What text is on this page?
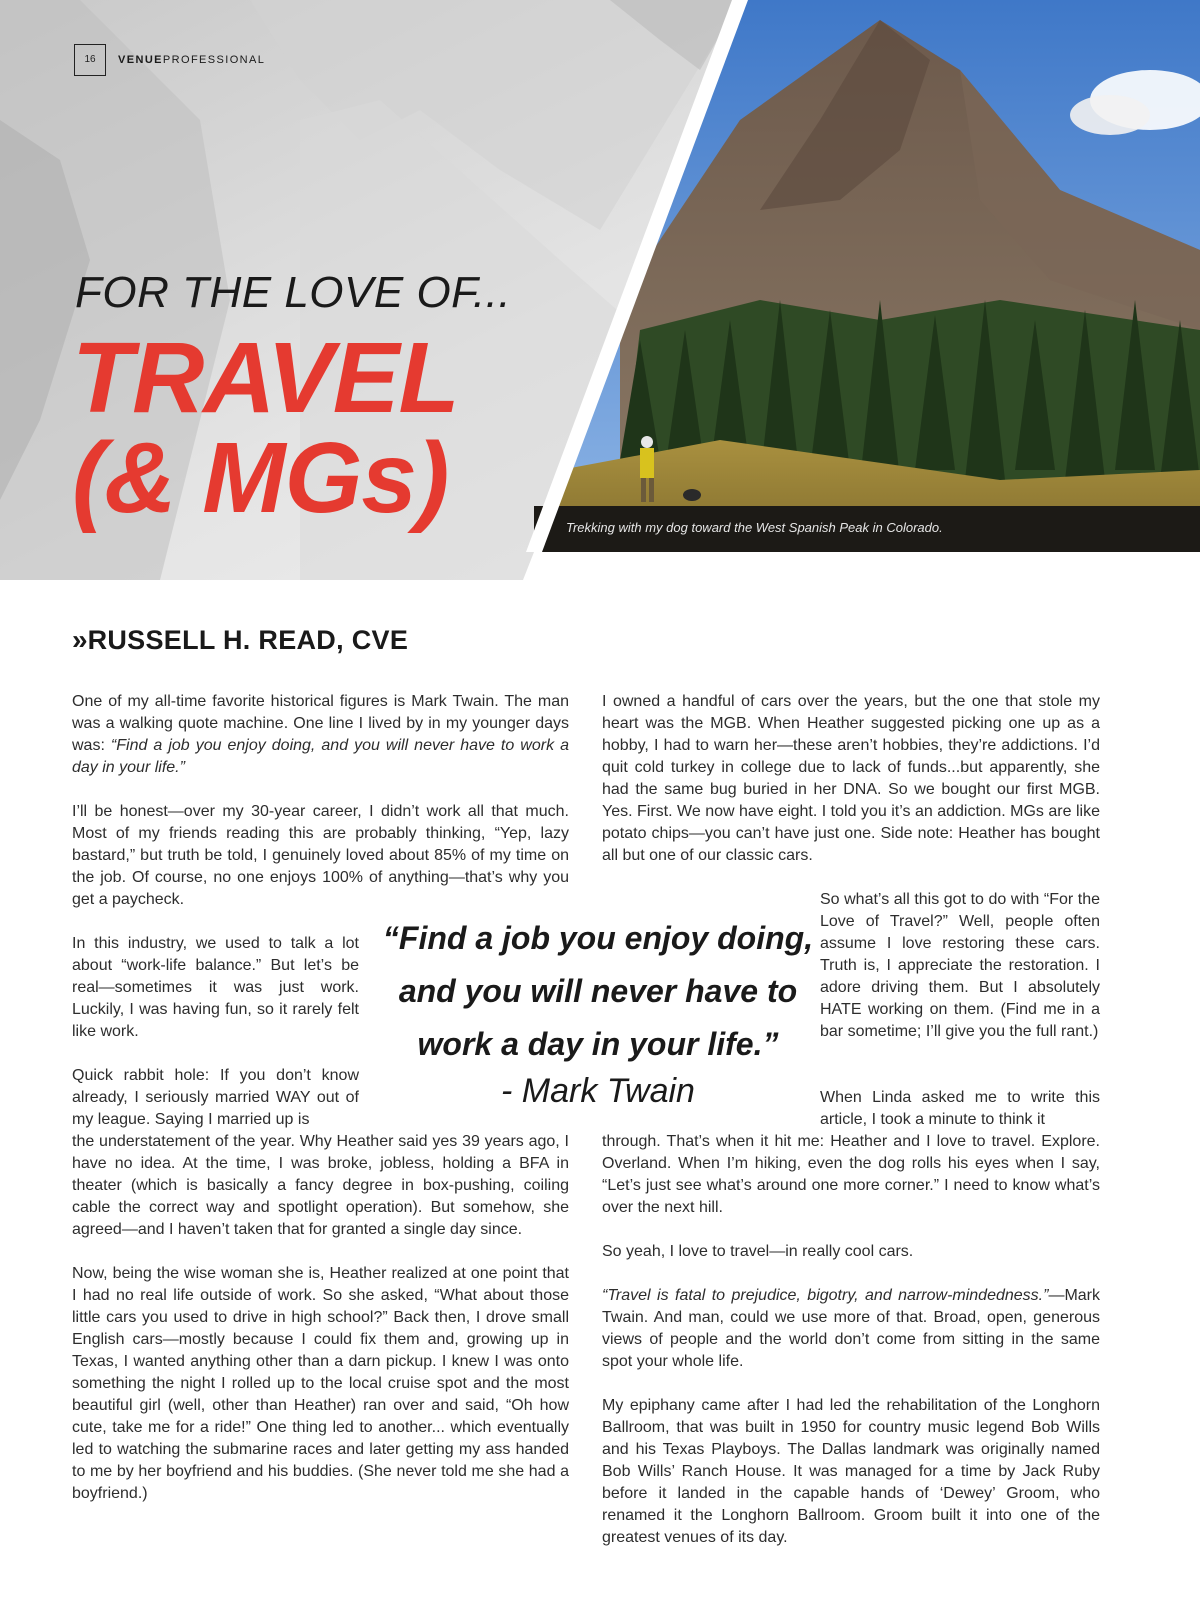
16	VENUEPROFESSIONAL
FOR THE LOVE OF...
TRAVEL
(& MGs)	Trekking with my dog toward the West Spanish Peak in Colorado.
» RUSSELL H. READ, CVE

One of my all-time favorite historical figures is Mark Twain. The man was a walking quote machine. One line I lived by in my younger days was: “Find a job you enjoy doing, and you will never have to work a day in your life.”

I’ll be honest—over my 30-year career, I didn’t work all that much. Most of my friends reading this are probably thinking, “Yep, lazy bastard,” but truth be told, I genuinely loved about 85% of my time on the job. Of course, no one enjoys 100% of anything—that’s why you get a paycheck.

In this industry, we used to talk a lot about “work-life balance.” But let’s be real—sometimes it was just work. Luckily, I was having fun, so it rarely felt like work.

Quick rabbit hole: If you don’t know already, I seriously married WAY out of my league. Saying I married up is

the understatement of the year. Why Heather said yes 39 years ago, I have no idea. At the time, I was broke, jobless, holding a BFA in theater (which is basically a fancy degree in box-pushing, coiling cable the correct way and spotlight operation). But somehow, she agreed—and I haven’t taken that for granted a single day since.

Now, being the wise woman she is, Heather realized at one point that I had no real life outside of work. So she asked, “What about those little cars you used to drive in high school?” Back then, I drove small English cars—mostly because I could fix them and, growing up in Texas, I wanted anything other than a darn pickup. I knew I was onto something the night I rolled up to the local cruise spot and the most beautiful girl (well, other than Heather) ran over and said, “Oh how cute, take me for a ride!” One thing led to another... which eventually led to watching the submarine races and later getting my ass handed to me by her boyfriend and his buddies. (She never told me she had a boyfriend.)

I owned a handful of cars over the years, but the one that stole my heart was the MGB. When Heather suggested picking one up as a hobby, I had to warn her—these aren’t hobbies, they’re addictions. I’d quit cold turkey in college due to lack of funds...but apparently, she had the same bug buried in her DNA. So we bought our first MGB. Yes. First. We now have eight. I told you it’s an addiction. MGs are like potato chips—you can’t have just one. Side note: Heather has bought all but one of our classic cars.

So what’s all this got to do with “For the Love of Travel?” Well, people often assume I love restoring these cars. Truth is, I appreciate the restoration. I adore driving them. But I absolutely HATE working on them. (Find me in a bar sometime; I’ll give you the full rant.)

When Linda asked me to write this article, I took a minute to think it

through. That’s when it hit me: Heather and I love to travel. Explore. Overland. When I’m hiking, even the dog rolls his eyes when I say, “Let’s just see what’s around one more corner.” I need to know what’s over the next hill.

So yeah, I love to travel—in really cool cars.

“Travel is fatal to prejudice, bigotry, and narrow-mindedness.”—Mark Twain. And man, could we use more of that. Broad, open, generous views of people and the world don’t come from sitting in the same spot your whole life.

My epiphany came after I had led the rehabilitation of the Longhorn Ballroom, that was built in 1950 for country music legend Bob Wills and his Texas Playboys. The Dallas landmark was originally named Bob Wills’ Ranch House. It was managed for a time by Jack Ruby before it landed in the capable hands of ‘Dewey’ Groom, who renamed it the Longhorn Ballroom. Groom built it into one of the greatest venues of its day.

“Find a job you enjoy doing,
and you will never have to
work a day in your life.”

- Mark Twain
